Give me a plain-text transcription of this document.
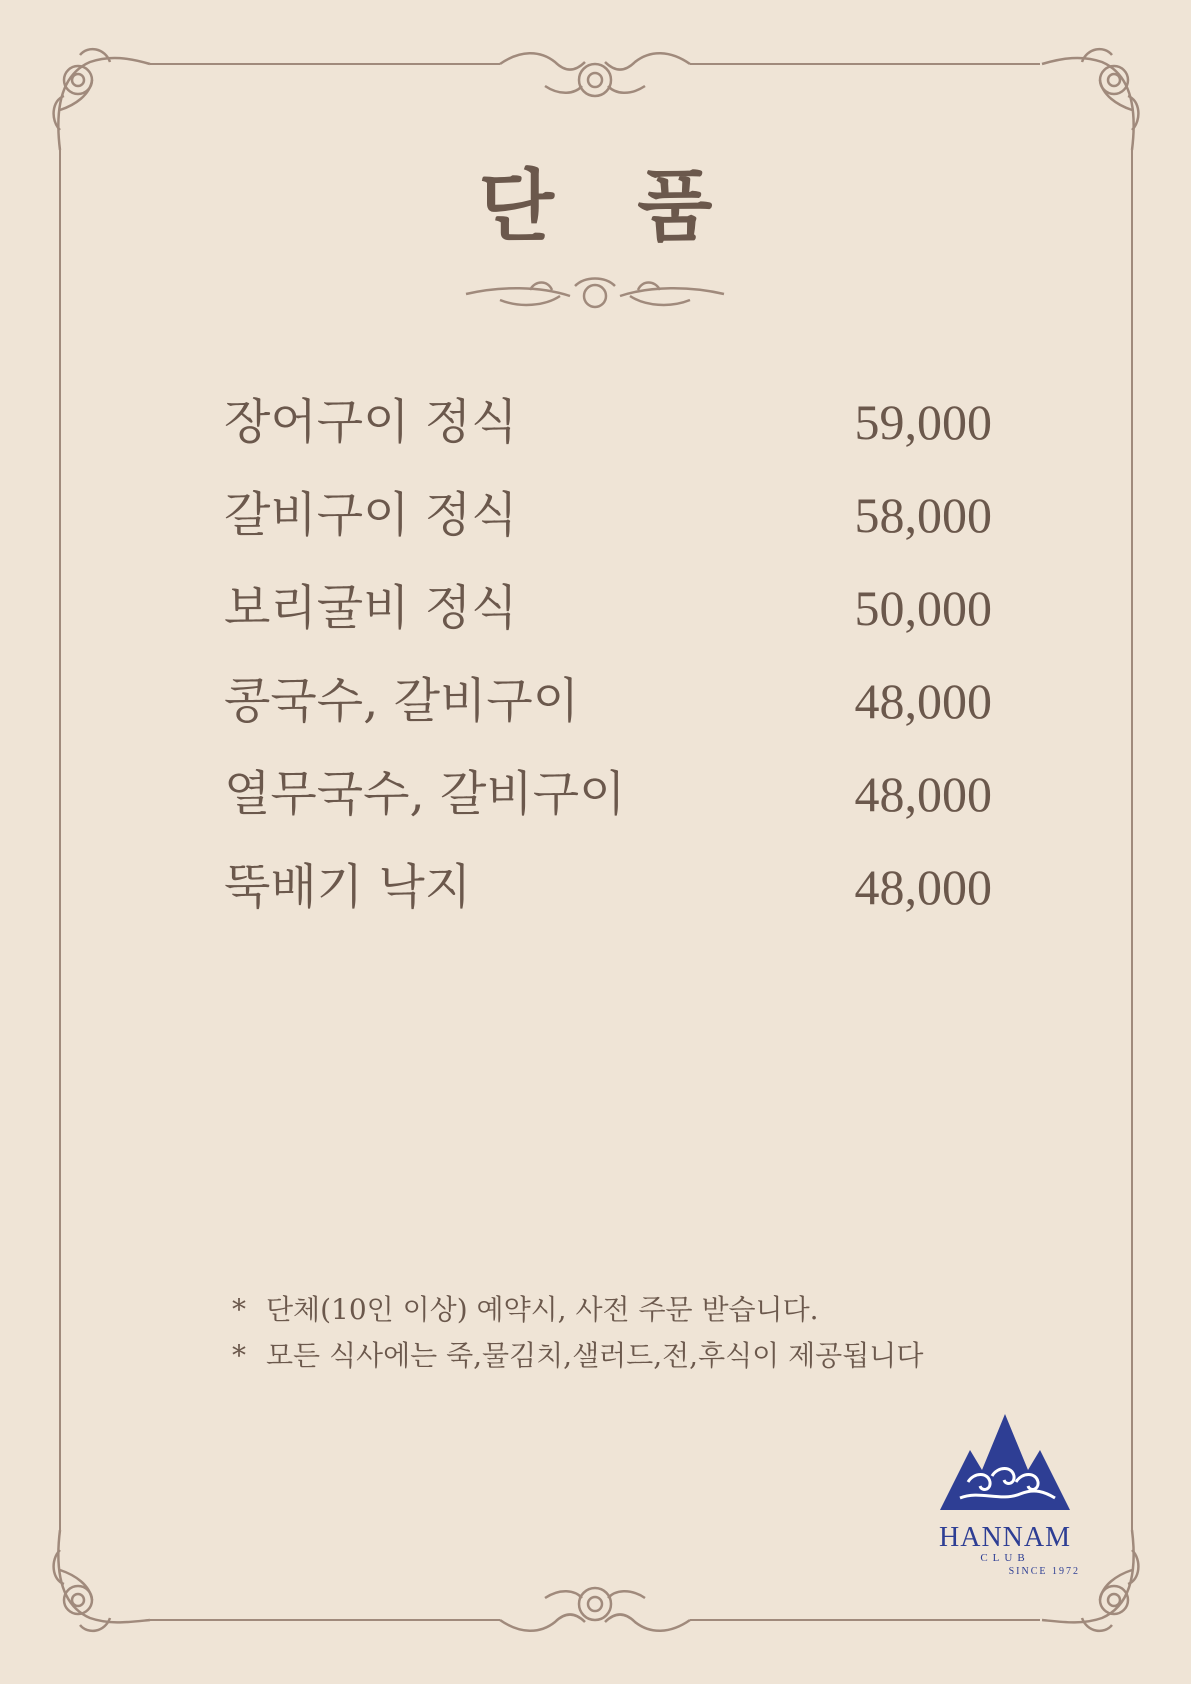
단 품
장어구이 정식	59,000
갈비구이 정식	58,000
보리굴비 정식	50,000
콩국수, 갈비구이	48,000
열무국수, 갈비구이	48,000
뚝배기 낙지	48,000
* 단체(10인 이상) 예약시, 사전 주문 받습니다.
* 모든 식사에는 죽,물김치,샐러드,전,후식이 제공됩니다
HANNAM
CLUB
SINCE 1972
